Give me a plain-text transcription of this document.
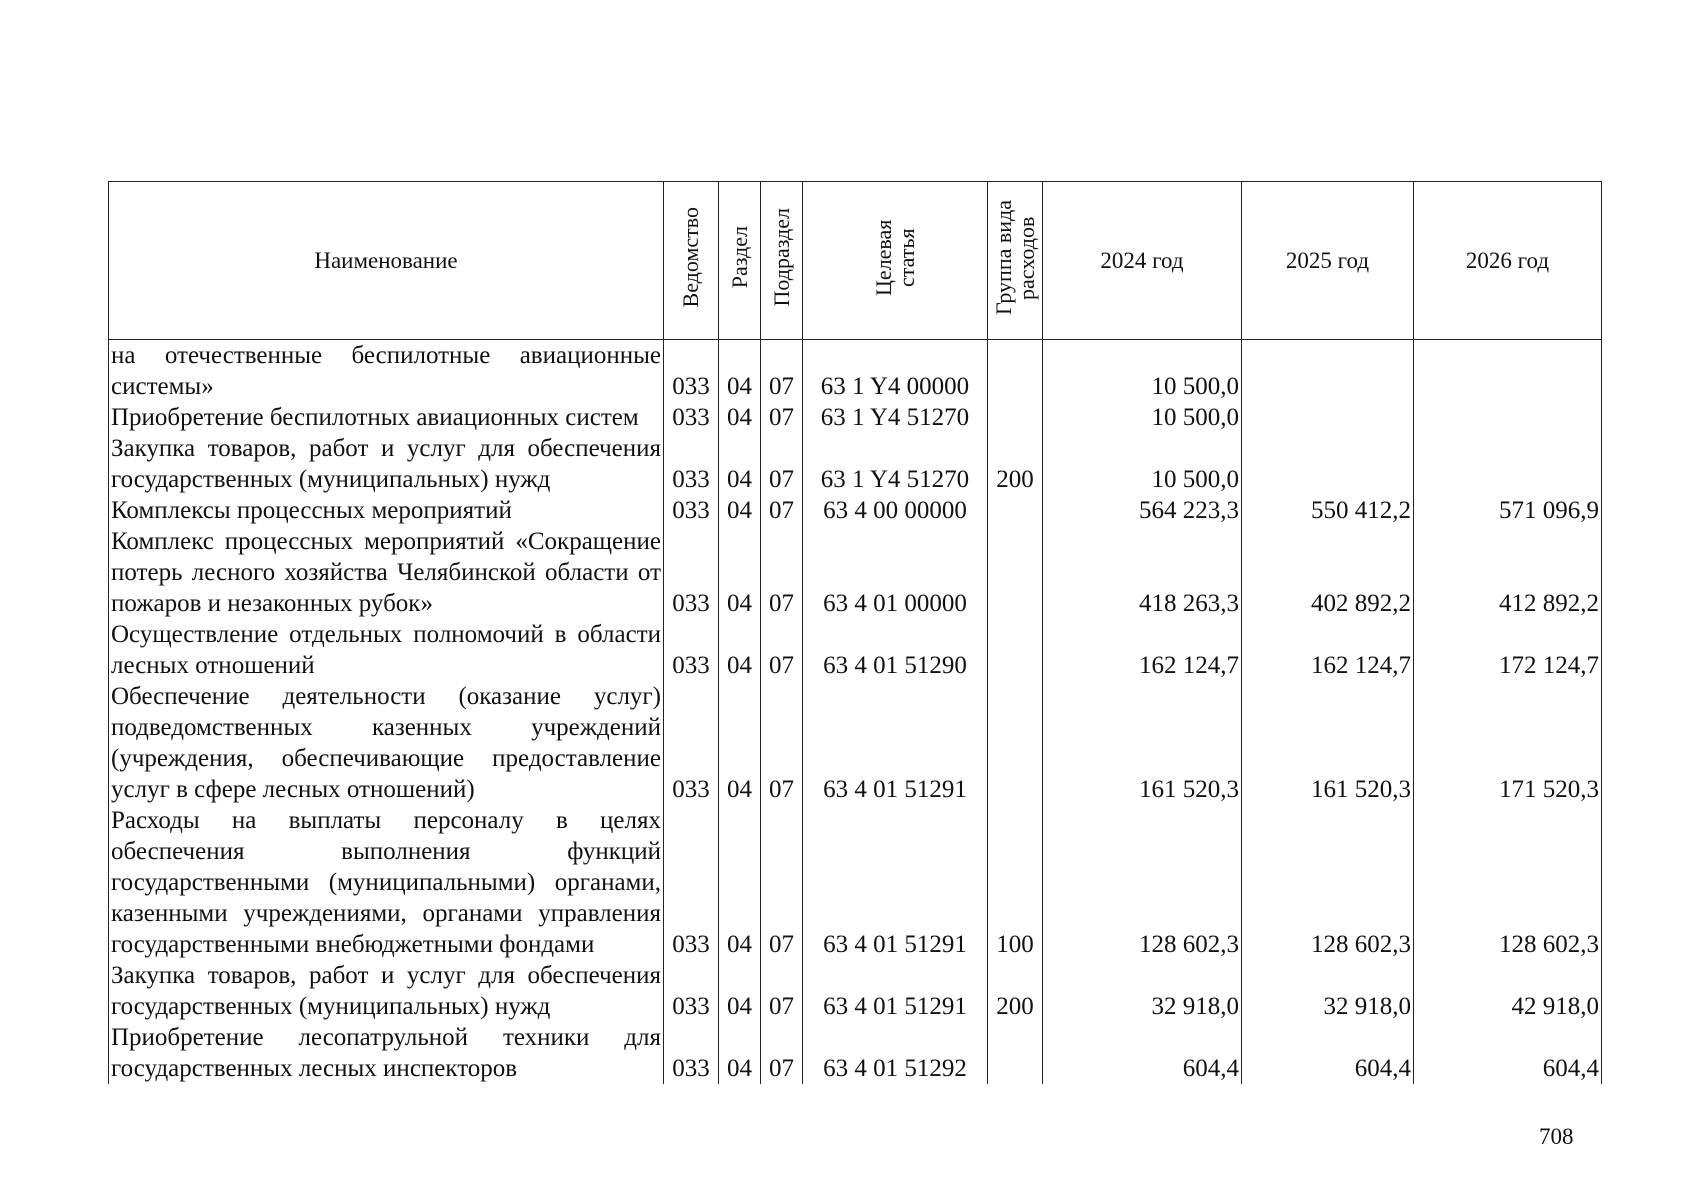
Наименование	Ведомство	Раздел	Подраздел	Целевая статья	Группа вида расходов	2024 год	2025 год	2026 год
на отечественные беспилотные авиационные системы»	033	04	07	63 1 Y4 00000		10 500,0		
Приобретение беспилотных авиационных систем	033	04	07	63 1 Y4 51270		10 500,0		
Закупка товаров, работ и услуг для обеспечения государственных (муниципальных) нужд	033	04	07	63 1 Y4 51270	200	10 500,0		
Комплексы процессных мероприятий	033	04	07	63 4 00 00000		564 223,3	550 412,2	571 096,9
Комплекс процессных мероприятий «Сокращение потерь лесного хозяйства Челябинской области от пожаров и незаконных рубок»	033	04	07	63 4 01 00000		418 263,3	402 892,2	412 892,2
Осуществление отдельных полномочий в области лесных отношений	033	04	07	63 4 01 51290		162 124,7	162 124,7	172 124,7
Обеспечение деятельности (оказание услуг) подведомственных казенных учреждений (учреждения, обеспечивающие предоставление услуг в сфере лесных отношений)	033	04	07	63 4 01 51291		161 520,3	161 520,3	171 520,3
Расходы на выплаты персоналу в целях обеспечения выполнения функций государственными (муниципальными) органами, казенными учреждениями, органами управления государственными внебюджетными фондами	033	04	07	63 4 01 51291	100	128 602,3	128 602,3	128 602,3
Закупка товаров, работ и услуг для обеспечения государственных (муниципальных) нужд	033	04	07	63 4 01 51291	200	32 918,0	32 918,0	42 918,0
Приобретение лесопатрульной техники для государственных лесных инспекторов	033	04	07	63 4 01 51292		604,4	604,4	604,4
708
